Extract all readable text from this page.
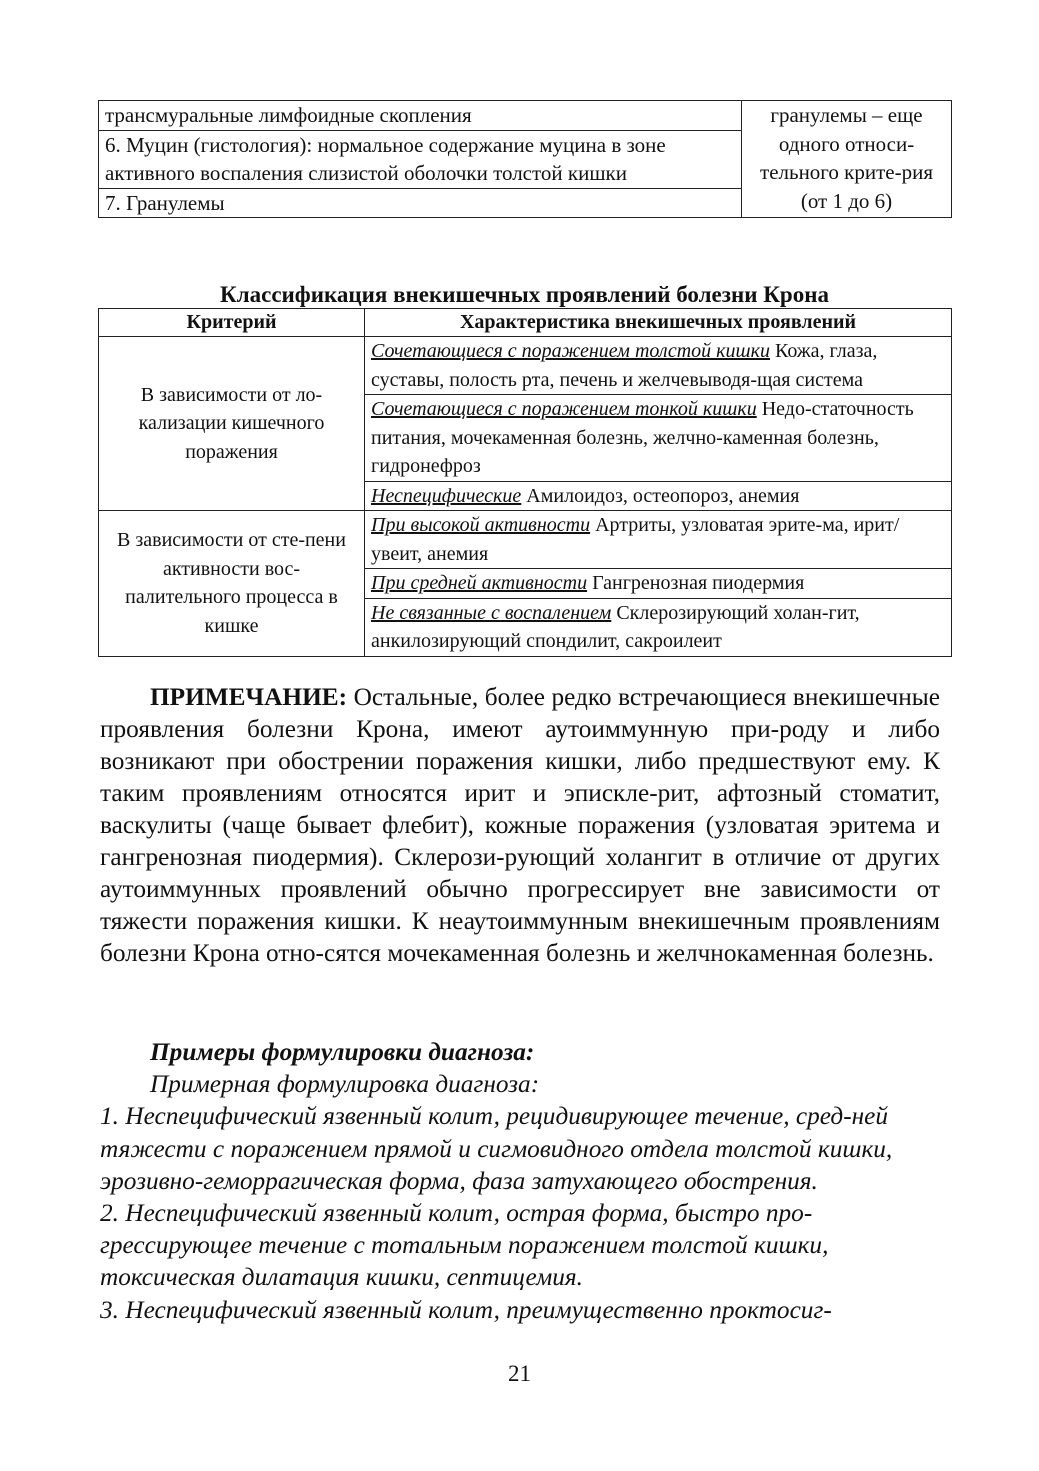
трансмуральные лимфоидные скопления	гранулемы – еще одного относи-тельного крите-рия (от 1 до 6)
6. Муцин (гистология): нормальное содержание муцина в зоне активного воспаления слизистой оболочки толстой кишки
7. Гранулемы
Классификация внекишечных проявлений болезни Крона
Критерий	Характеристика внекишечных проявлений
В зависимости от ло-кализации кишечного поражения	Сочетающиеся с поражением толстой кишки Кожа, глаза, суставы, полость рта, печень и желчевыводя-щая система
	Сочетающиеся с поражением тонкой кишки Недо-статочность питания, мочекаменная болезнь, желчно-каменная болезнь, гидронефроз
	Неспецифические Амилоидоз, остеопороз, анемия
В зависимости от сте-пени активности вос-палительного процесса в кишке	При высокой активности Артриты, узловатая эрите-ма, ирит/увеит, анемия
	При средней активности Гангренозная пиодермия
	Не связанные с воспалением Склерозирующий холан-гит, анкилозирующий спондилит, сакроилеит

ПРИМЕЧАНИЕ: Остальные, более редко встречающиеся внекишечные проявления болезни Крона, имеют аутоиммунную при-роду и либо возникают при обострении поражения кишки, либо предшествуют ему. К таким проявлениям относятся ирит и эпискле-рит, афтозный стоматит, васкулиты (чаще бывает флебит), кожные поражения (узловатая эритема и гангренозная пиодермия). Склерози-рующий холангит в отличие от других аутоиммунных проявлений обычно прогрессирует вне зависимости от тяжести поражения кишки. К неаутоиммунным внекишечным проявлениям болезни Крона отно-сятся мочекаменная болезнь и желчнокаменная болезнь.

Примеры формулировки диагноза:
Примерная формулировка диагноза:
1. Неспецифический язвенный колит, рецидивирующее течение, сред-ней тяжести с поражением прямой и сигмовидного отдела толстой кишки, эрозивно-геморрагическая форма, фаза затухающего обострения.
2. Неспецифический язвенный колит, острая форма, быстро про-грессирующее течение с тотальным поражением толстой кишки, токсическая дилатация кишки, септицемия.
3. Неспецифический язвенный колит, преимущественно проктосиг-
21
